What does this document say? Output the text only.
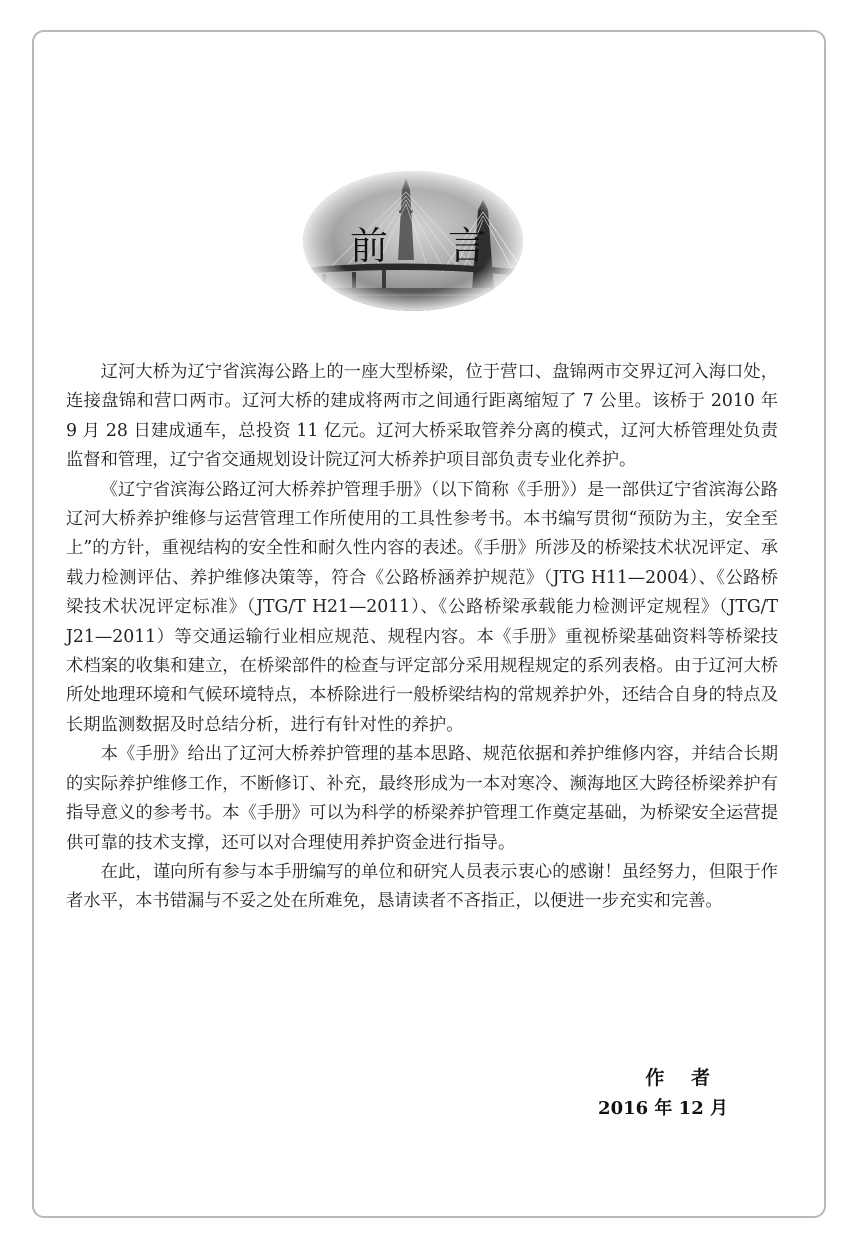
前 言

辽河大桥为辽宁省滨海公路上的一座大型桥梁，位于营口、盘锦两市交界辽河入海口处，连接盘锦和营口两市。辽河大桥的建成将两市之间通行距离缩短了 7 公里。该桥于 2010 年 9 月 28 日建成通车，总投资 11 亿元。辽河大桥采取管养分离的模式，辽河大桥管理处负责监督和管理，辽宁省交通规划设计院辽河大桥养护项目部负责专业化养护。

《辽宁省滨海公路辽河大桥养护管理手册》（以下简称《手册》）是一部供辽宁省滨海公路辽河大桥养护维修与运营管理工作所使用的工具性参考书。本书编写贯彻“预防为主，安全至上”的方针，重视结构的安全性和耐久性内容的表述。《手册》所涉及的桥梁技术状况评定、承载力检测评估、养护维修决策等，符合《公路桥涵养护规范》（JTG H11—2004）、《公路桥梁技术状况评定标准》（JTG/T H21—2011）、《公路桥梁承载能力检测评定规程》（JTG/T J21—2011）等交通运输行业相应规范、规程内容。本《手册》重视桥梁基础资料等桥梁技术档案的收集和建立，在桥梁部件的检查与评定部分采用规程规定的系列表格。由于辽河大桥所处地理环境和气候环境特点，本桥除进行一般桥梁结构的常规养护外，还结合自身的特点及长期监测数据及时总结分析，进行有针对性的养护。

本《手册》给出了辽河大桥养护管理的基本思路、规范依据和养护维修内容，并结合长期的实际养护维修工作，不断修订、补充，最终形成为一本对寒冷、濒海地区大跨径桥梁养护有指导意义的参考书。本《手册》可以为科学的桥梁养护管理工作奠定基础，为桥梁安全运营提供可靠的技术支撑，还可以对合理使用养护资金进行指导。

在此，谨向所有参与本手册编写的单位和研究人员表示衷心的感谢！虽经努力，但限于作者水平，本书错漏与不妥之处在所难免，恳请读者不吝指正，以便进一步充实和完善。

作 者
2016 年 12 月
